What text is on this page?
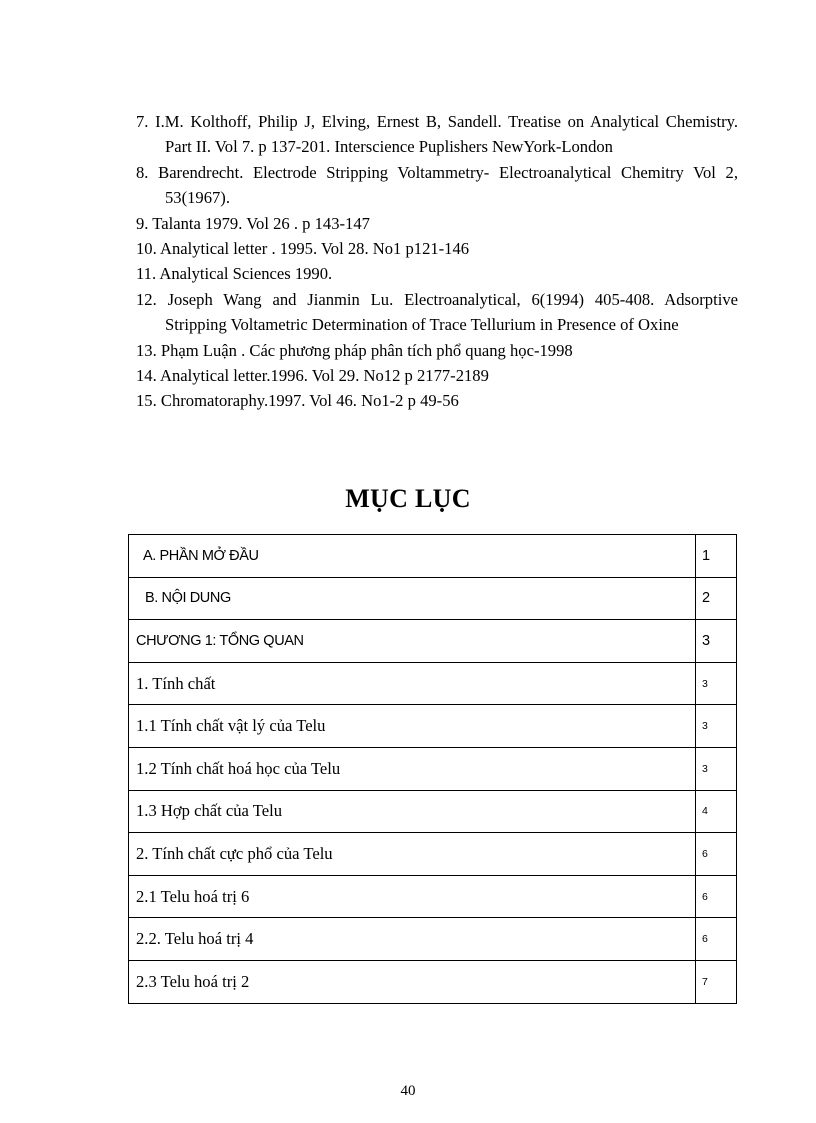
7. I.M. Kolthoff, Philip J, Elving, Ernest B, Sandell. Treatise on Analytical Chemistry. Part II. Vol 7. p 137-201. Interscience Puplishers NewYork-London
8. Barendrecht. Electrode Stripping Voltammetry- Electroanalytical Chemitry Vol 2, 53(1967).
9. Talanta 1979. Vol 26 . p 143-147
10. Analytical letter . 1995. Vol 28. No1 p121-146
11. Analytical Sciences 1990.
12. Joseph Wang and Jianmin Lu. Electroanalytical, 6(1994) 405-408. Adsorptive Stripping Voltametric Determination of Trace Tellurium in Presence of Oxine
13. Phạm Luận . Các phương pháp phân tích phổ quang học-1998
14. Analytical letter.1996. Vol 29. No12 p 2177-2189
15. Chromatoraphy.1997. Vol 46. No1-2 p 49-56
MỤC LỤC
A. PHẦN MỞ ĐẦU	1
B. NỘI DUNG	2
CHƯƠNG 1: TỔNG QUAN	3
1. Tính chất	3
1.1 Tính chất vật lý của Telu	3
1.2 Tính chất hoá học của Telu	3
1.3 Hợp chất của Telu	4
2. Tính chất cực phổ của Telu	6
2.1 Telu hoá trị 6	6
2.2. Telu hoá trị 4	6
2.3 Telu hoá trị 2	7
40
